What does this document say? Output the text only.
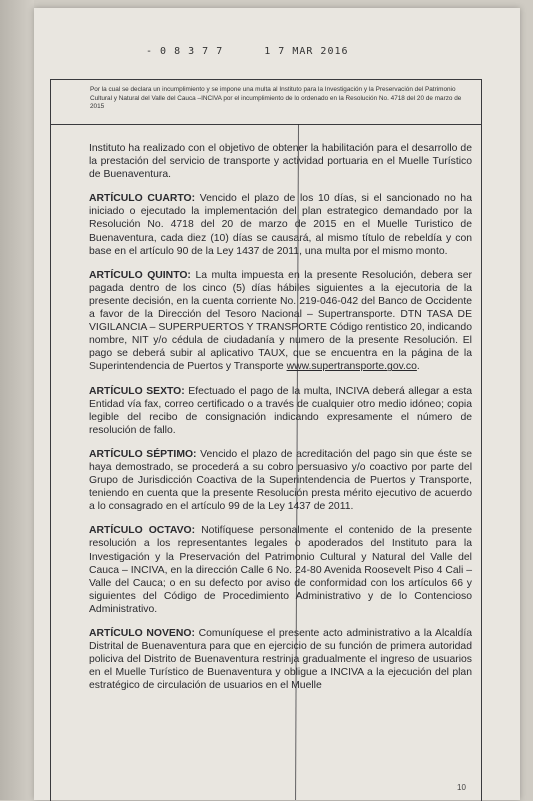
- 0 8 3 7 7	1 7 MAR 2016
Por la cual se declara un incumplimiento y se impone una multa al Instituto para la Investigación y la Preservación del Patrimonio Cultural y Natural del Valle del Cauca –INCIVA por el incumplimiento de lo ordenado en la Resolución No. 4718 del 20 de marzo de 2015

Instituto ha realizado con el objetivo de obtener la habilitación para el desarrollo de la prestación del servicio de transporte y actividad portuaria en el Muelle Turístico de Buenaventura.

ARTÍCULO CUARTO: Vencido el plazo de los 10 días, si el sancionado no ha iniciado o ejecutado la implementación del plan estrategico demandado por la Resolución No. 4718 del 20 de marzo de 2015 en el Muelle Turistico de Buenaventura, cada diez (10) días se causará, al mismo título de rebeldía y con base en el artículo 90 de la Ley 1437 de 2011, una multa por el mismo monto.

ARTÍCULO QUINTO: La multa impuesta en la presente Resolución, debera ser pagada dentro de los cinco (5) días hábiles siguientes a la ejecutoria de la presente decisión, en la cuenta corriente No. 219-046-042 del Banco de Occidente a favor de la Dirección del Tesoro Nacional – Supertransporte. DTN TASA DE VIGILANCIA – SUPERPUERTOS Y TRANSPORTE Código rentistico 20, indicando nombre, NIT y/o cédula de ciudadanía y numero de la presente Resolución. El pago se deberá subir al aplicativo TAUX, que se encuentra en la página de la Superintendencia de Puertos y Transporte www.supertransporte.gov.co.

ARTÍCULO SEXTO: Efectuado el pago de la multa, INCIVA deberá allegar a esta Entidad vía fax, correo certificado o a través de cualquier otro medio idóneo; copia legible del recibo de consignación indicando expresamente el número de resolución de fallo.

ARTÍCULO SÉPTIMO: Vencido el plazo de acreditación del pago sin que éste se haya demostrado, se procederá a su cobro persuasivo y/o coactivo por parte del Grupo de Jurisdicción Coactiva de la Superintendencia de Puertos y Transporte, teniendo en cuenta que la presente Resolución presta mérito ejecutivo de acuerdo a lo consagrado en el artículo 99 de la Ley 1437 de 2011.

ARTÍCULO OCTAVO: Notifíquese personalmente el contenido de la presente resolución a los representantes legales o apoderados del Instituto para la Investigación y la Preservación del Patrimonio Cultural y Natural del Valle del Cauca – INCIVA, en la dirección Calle 6 No. 24-80 Avenida Roosevelt Piso 4 Cali – Valle del Cauca; o en su defecto por aviso de conformidad con los artículos 66 y siguientes del Código de Procedimiento Administrativo y de lo Contencioso Administrativo.

ARTÍCULO NOVENO: Comuníquese el presente acto administrativo a la Alcaldía Distrital de Buenaventura para que en ejercicio de su función de primera autoridad policiva del Distrito de Buenaventura restrinja gradualmente el ingreso de usuarios en el Muelle Turístico de Buenaventura y obligue a INCIVA a la ejecución del plan estratégico de circulación de usuarios en el Muelle

10
